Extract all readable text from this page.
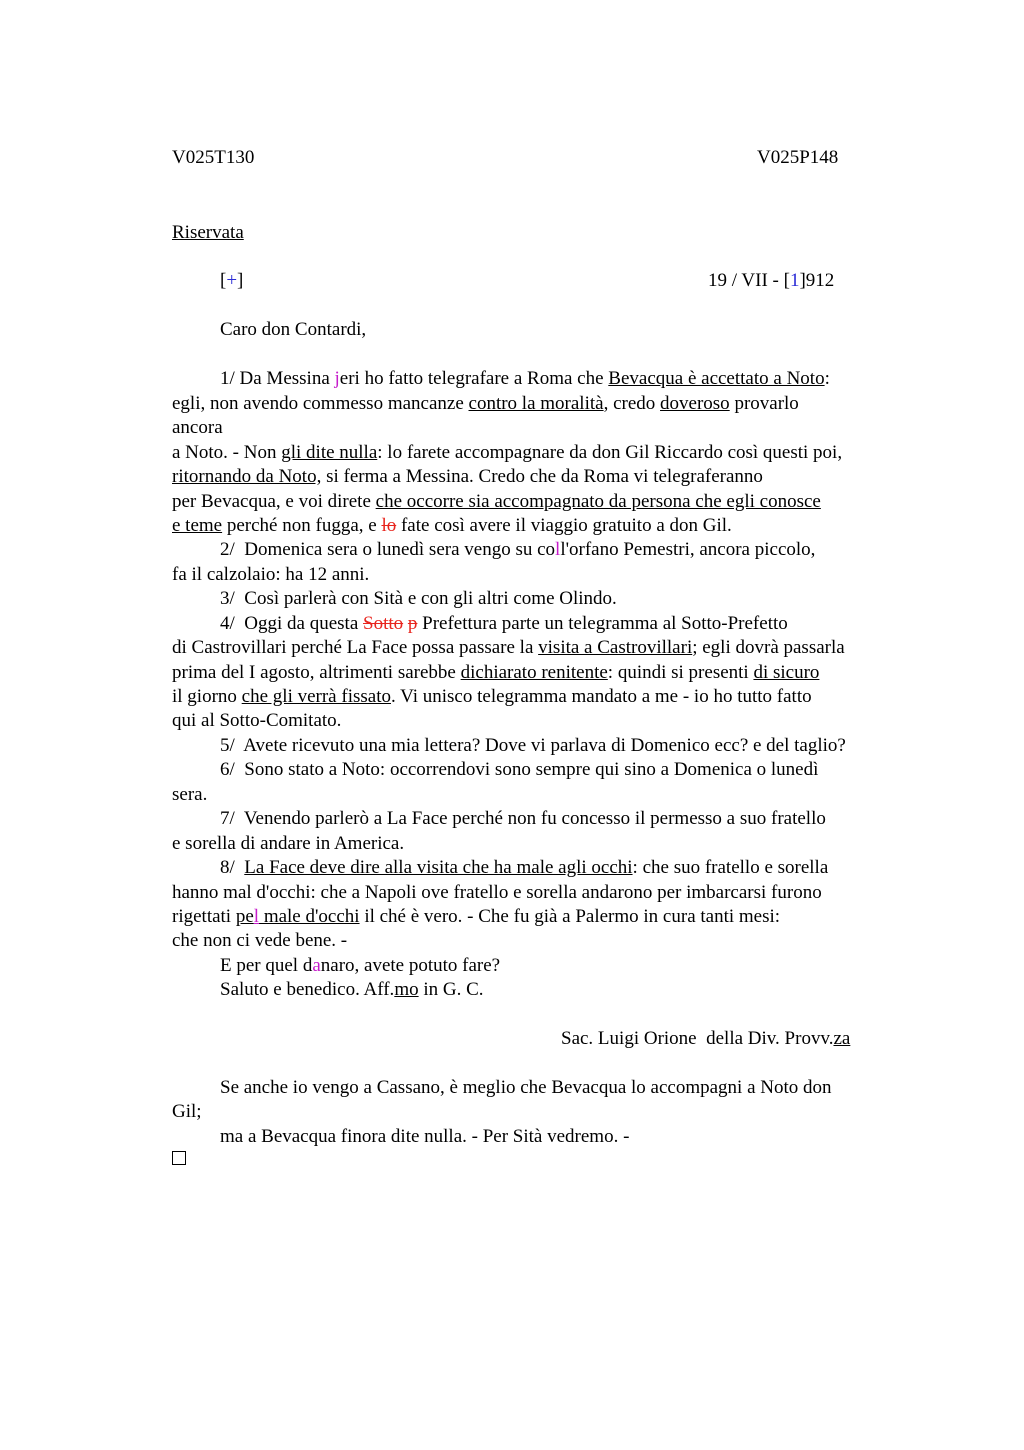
V025T130	V025P148
Riservata
[+]	19 / VII - [1]912
Caro don Contardi,
1/ Da Messina jeri ho fatto telegrafare a Roma che Bevacqua è accettato a Noto:
egli, non avendo commesso mancanze contro la moralità, credo doveroso provarlo
ancora
a Noto. - Non gli dite nulla: lo farete accompagnare da don Gil Riccardo così questi poi,
ritornando da Noto, si ferma a Messina. Credo che da Roma vi telegraferanno
per Bevacqua, e voi direte che occorre sia accompagnato da persona che egli conosce
e teme perché non fugga, e lo fate così avere il viaggio gratuito a don Gil.
2/  Domenica sera o lunedì sera vengo su coll'orfano Pemestri, ancora piccolo,
fa il calzolaio: ha 12 anni.
3/  Così parlerà con Sità e con gli altri come Olindo.
4/  Oggi da questa Sotto p Prefettura parte un telegramma al Sotto-Prefetto
di Castrovillari perché La Face possa passare la visita a Castrovillari; egli dovrà passarla
prima del I agosto, altrimenti sarebbe dichiarato renitente: quindi si presenti di sicuro
il giorno che gli verrà fissato. Vi unisco telegramma mandato a me - io ho tutto fatto
qui al Sotto-Comitato.
5/  Avete ricevuto una mia lettera? Dove vi parlava di Domenico ecc? e del taglio?
6/  Sono stato a Noto: occorrendovi sono sempre qui sino a Domenica o lunedì
sera.
7/  Venendo parlerò a La Face perché non fu concesso il permesso a suo fratello
e sorella di andare in America.
8/  La Face deve dire alla visita che ha male agli occhi: che suo fratello e sorella
hanno mal d'occhi: che a Napoli ove fratello e sorella andarono per imbarcarsi furono
rigettati pel male d'occhi il ché è vero. - Che fu già a Palermo in cura tanti mesi:
che non ci vede bene. -
E per quel danaro, avete potuto fare?
Saluto e benedico. Aff.mo in G. C.
Sac. Luigi Orione  della Div. Provv.za
Se anche io vengo a Cassano, è meglio che Bevacqua lo accompagni a Noto don
Gil;
ma a Bevacqua finora dite nulla. - Per Sità vedremo. -
